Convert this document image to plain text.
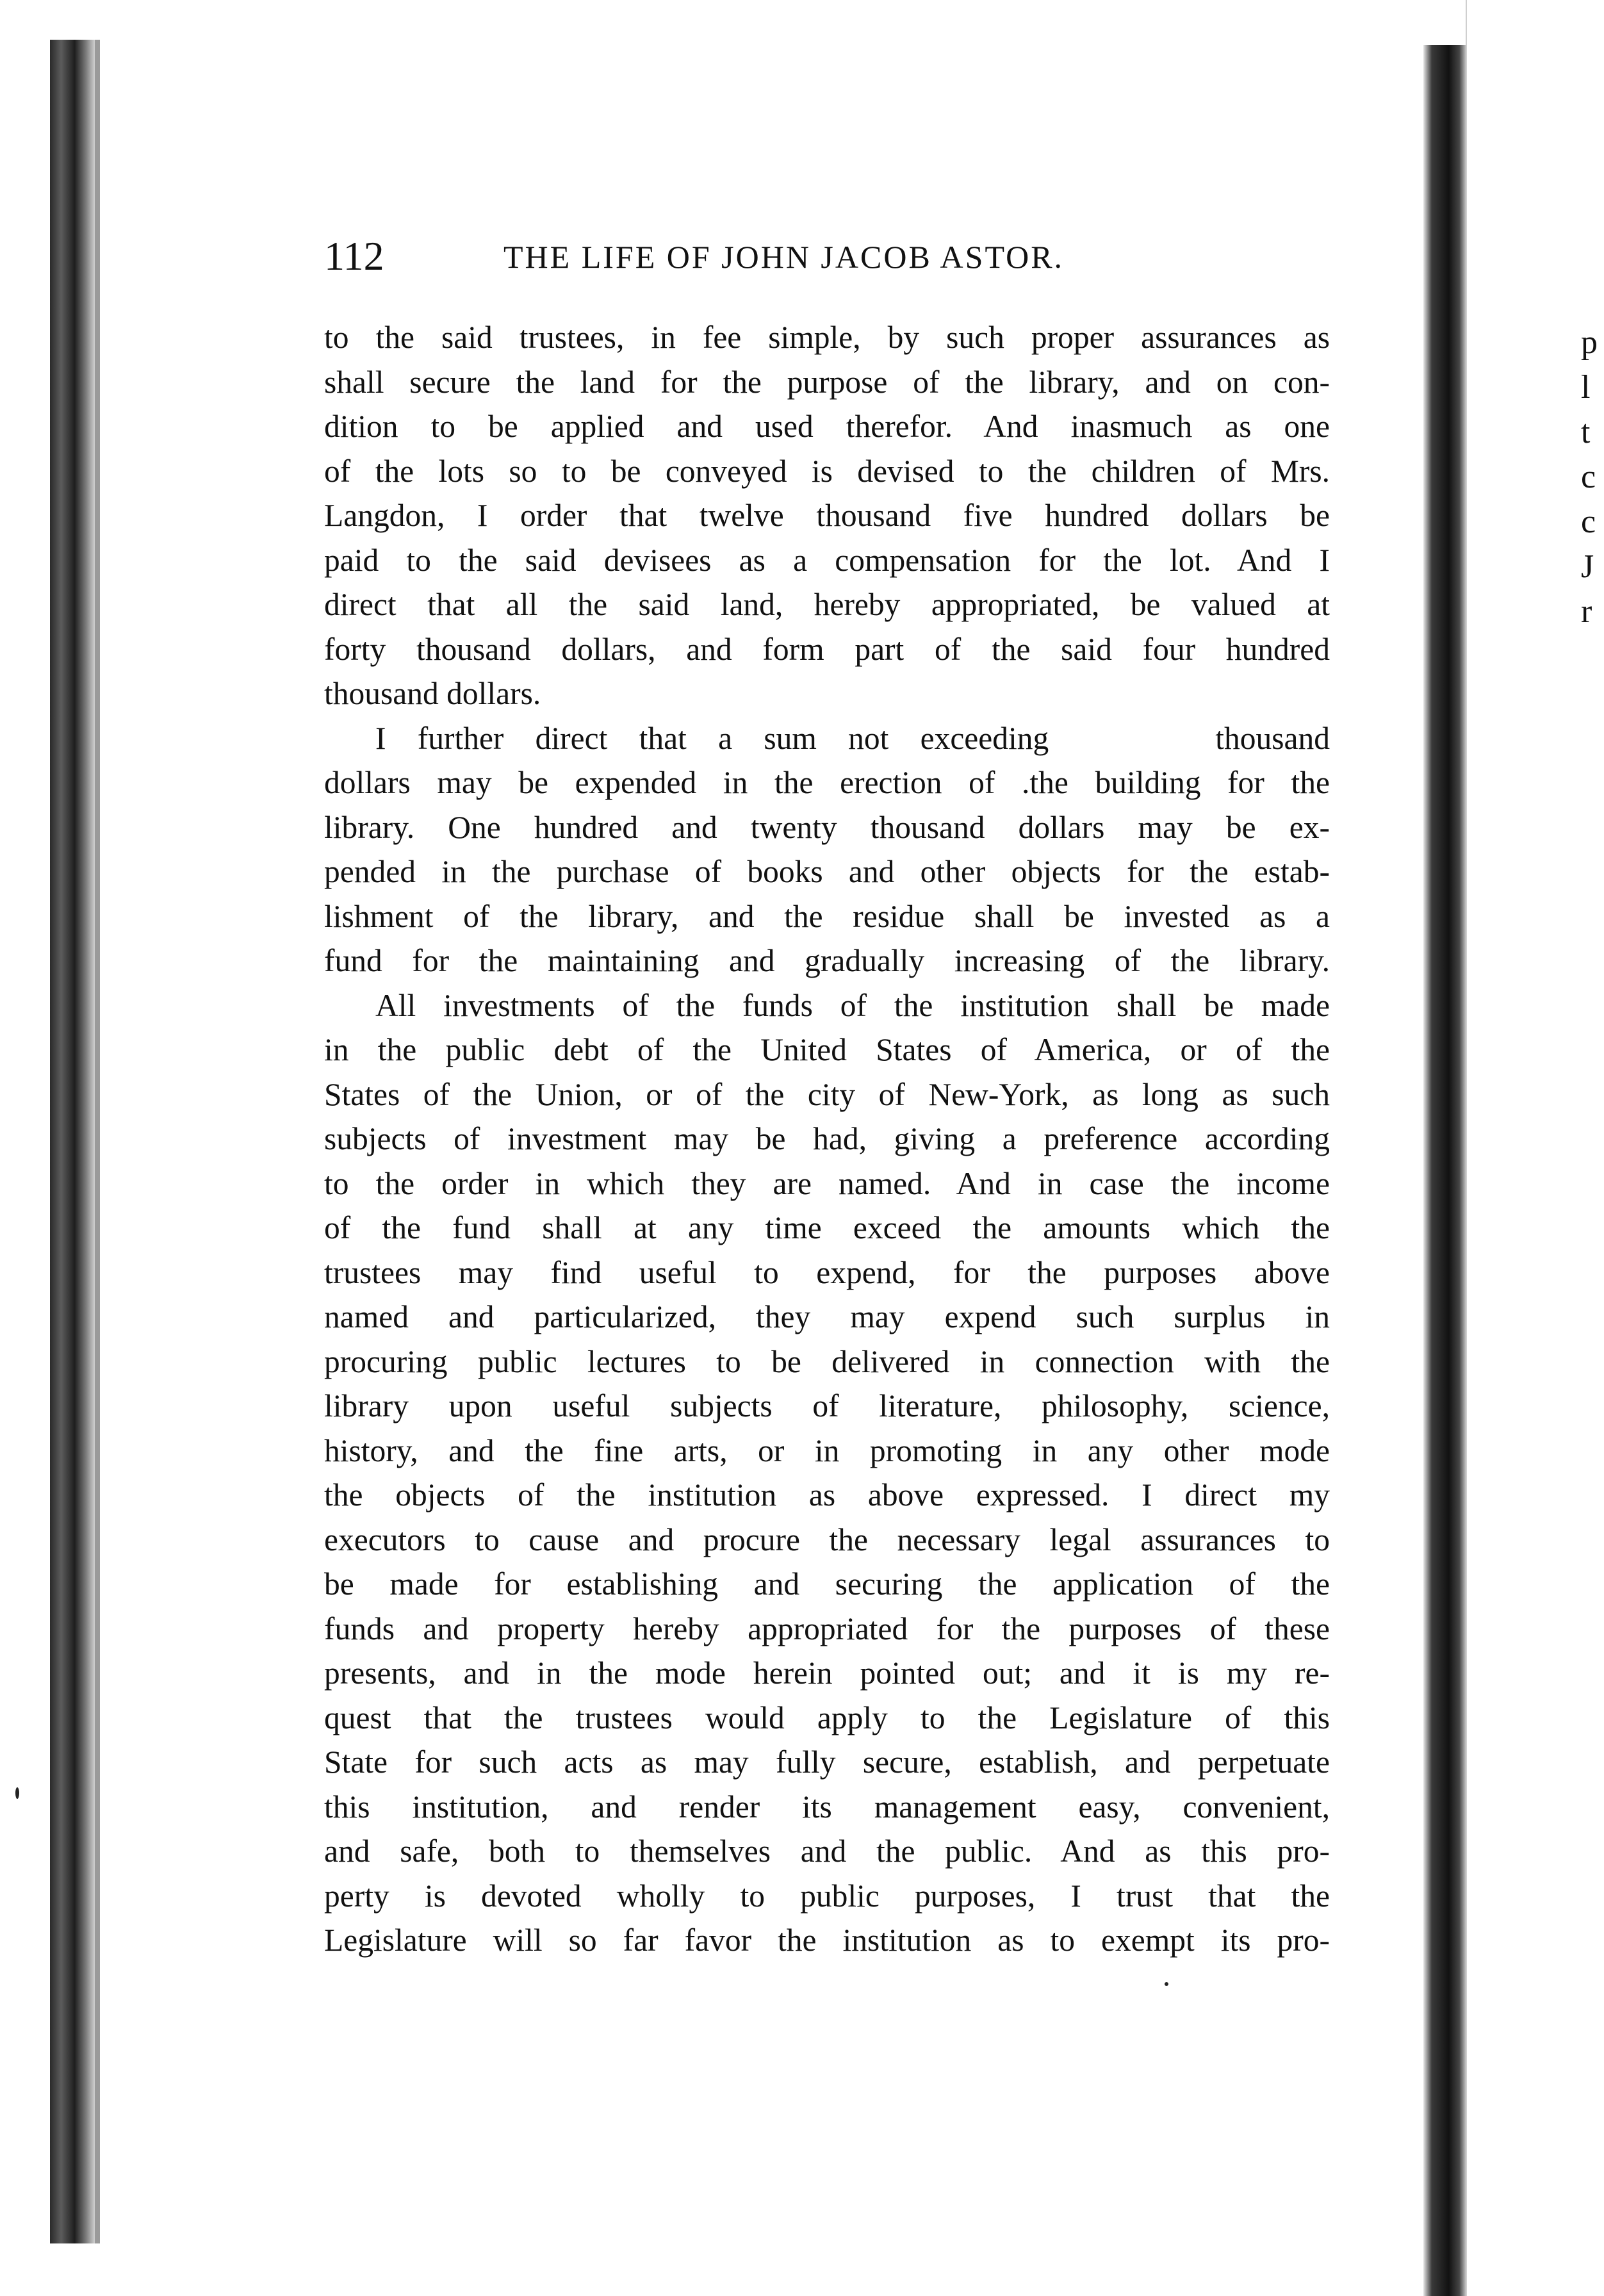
p
l
t
c
c
J
r
112	THE LIFE OF JOHN JACOB ASTOR.
to the said trustees, in fee simple, by such proper assurances as
shall secure the land for the purpose of the library, and on con-
dition to be applied and used therefor. And inasmuch as one
of the lots so to be conveyed is devised to the children of Mrs.
Langdon, I order that twelve thousand five hundred dollars be
paid to the said devisees as a compensation for the lot. And I
direct that all the said land, hereby appropriated, be valued at
forty thousand dollars, and form part of the said four hundred
thousand dollars.
I further direct that a sum not exceeding	thousand
dollars may be expended in the erection of .the building for the
library. One hundred and twenty thousand dollars may be ex-
pended in the purchase of books and other objects for the estab-
lishment of the library, and the residue shall be invested as a
fund for the maintaining and gradually increasing of the library.
All investments of the funds of the institution shall be made
in the public debt of the United States of America, or of the
States of the Union, or of the city of New-York, as long as such
subjects of investment may be had, giving a preference according
to the order in which they are named. And in case the income
of the fund shall at any time exceed the amounts which the
trustees may find useful to expend, for the purposes above
named and particularized, they may expend such surplus in
procuring public lectures to be delivered in connection with the
library upon useful subjects of literature, philosophy, science,
history, and the fine arts, or in promoting in any other mode
the objects of the institution as above expressed. I direct my
executors to cause and procure the necessary legal assurances to
be made for establishing and securing the application of the
funds and property hereby appropriated for the purposes of these
presents, and in the mode herein pointed out; and it is my re-
quest that the trustees would apply to the Legislature of this
State for such acts as may fully secure, establish, and perpetuate
this institution, and render its management easy, convenient,
and safe, both to themselves and the public. And as this pro-
perty is devoted wholly to public purposes, I trust that the
Legislature will so far favor the institution as to exempt its pro-
